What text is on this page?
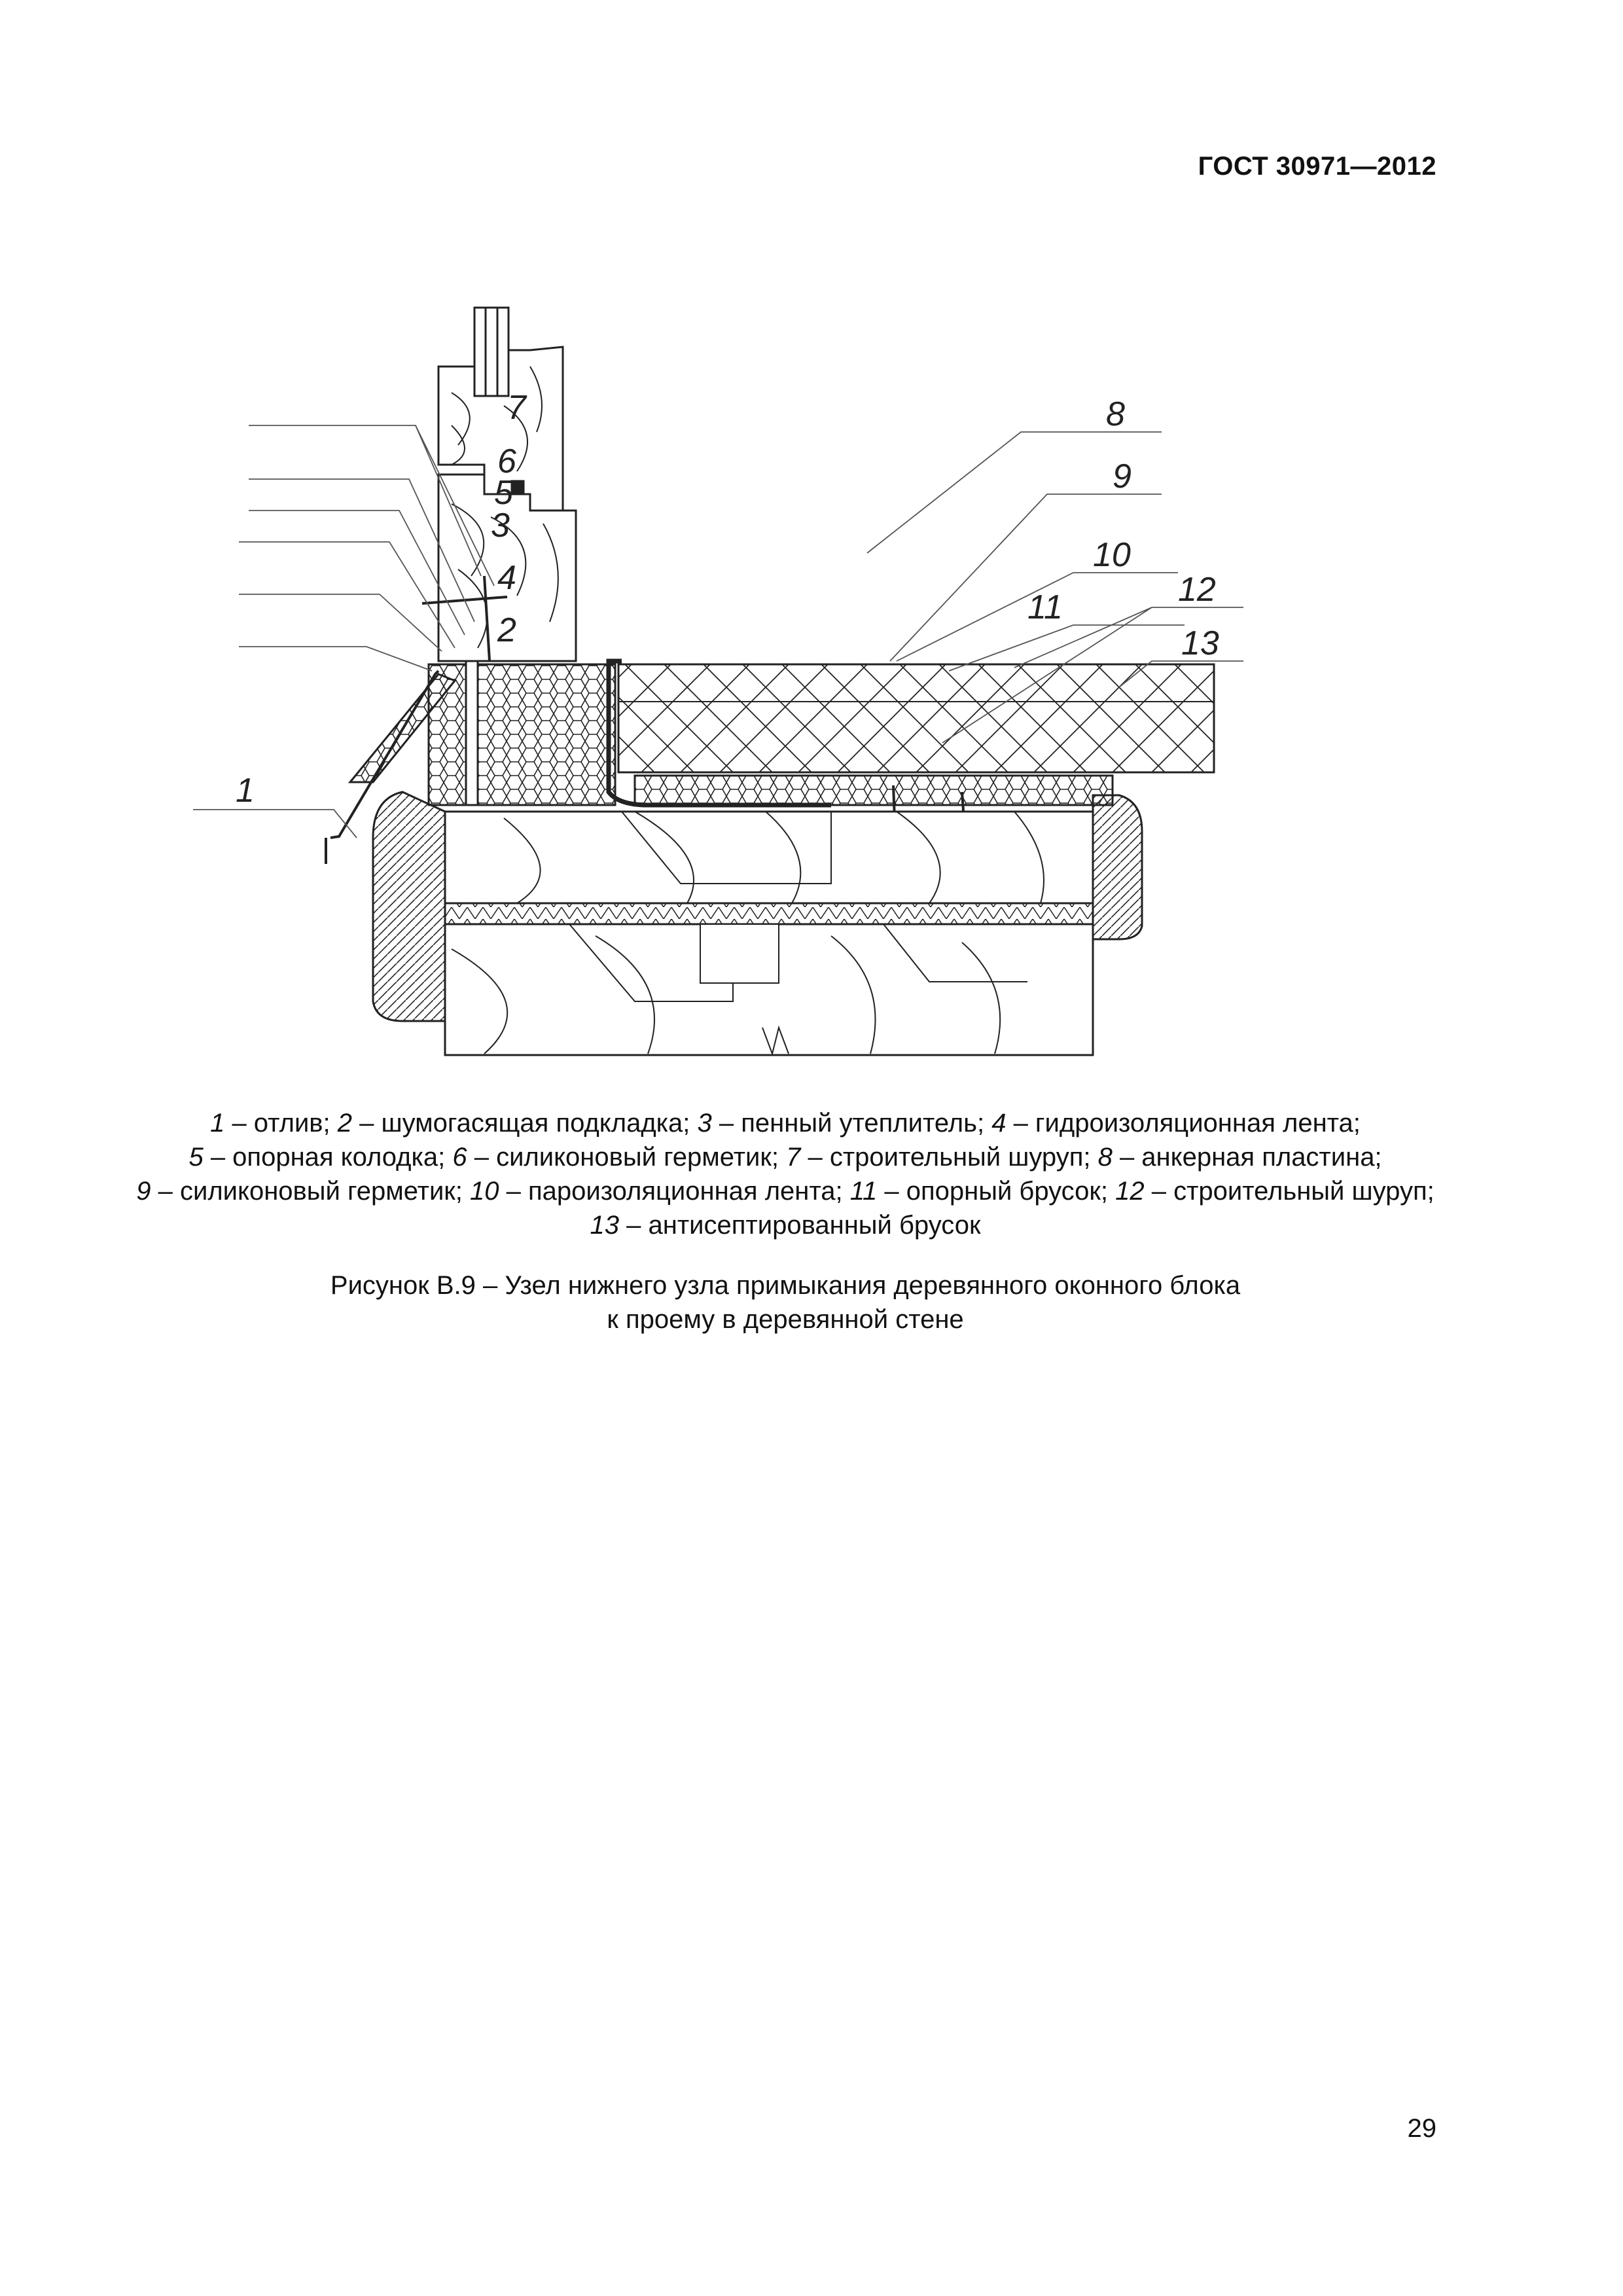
ГОСТ 30971—2012
1
2
3
4
5
6
7	8
9
10
11	12
13
1 – отлив; 2 – шумогасящая подкладка; 3 – пенный утеплитель; 4 – гидроизоляционная лента;
5 – опорная колодка; 6 – силиконовый герметик; 7 – строительный шуруп; 8 – анкерная пластина;
9 – силиконовый герметик; 10 – пароизоляционная лента; 11 – опорный брусок; 12 – строительный шуруп;
13 – антисептированный брусок
Рисунок В.9 – Узел нижнего узла примыкания деревянного оконного блока
к проему в деревянной стене
29
